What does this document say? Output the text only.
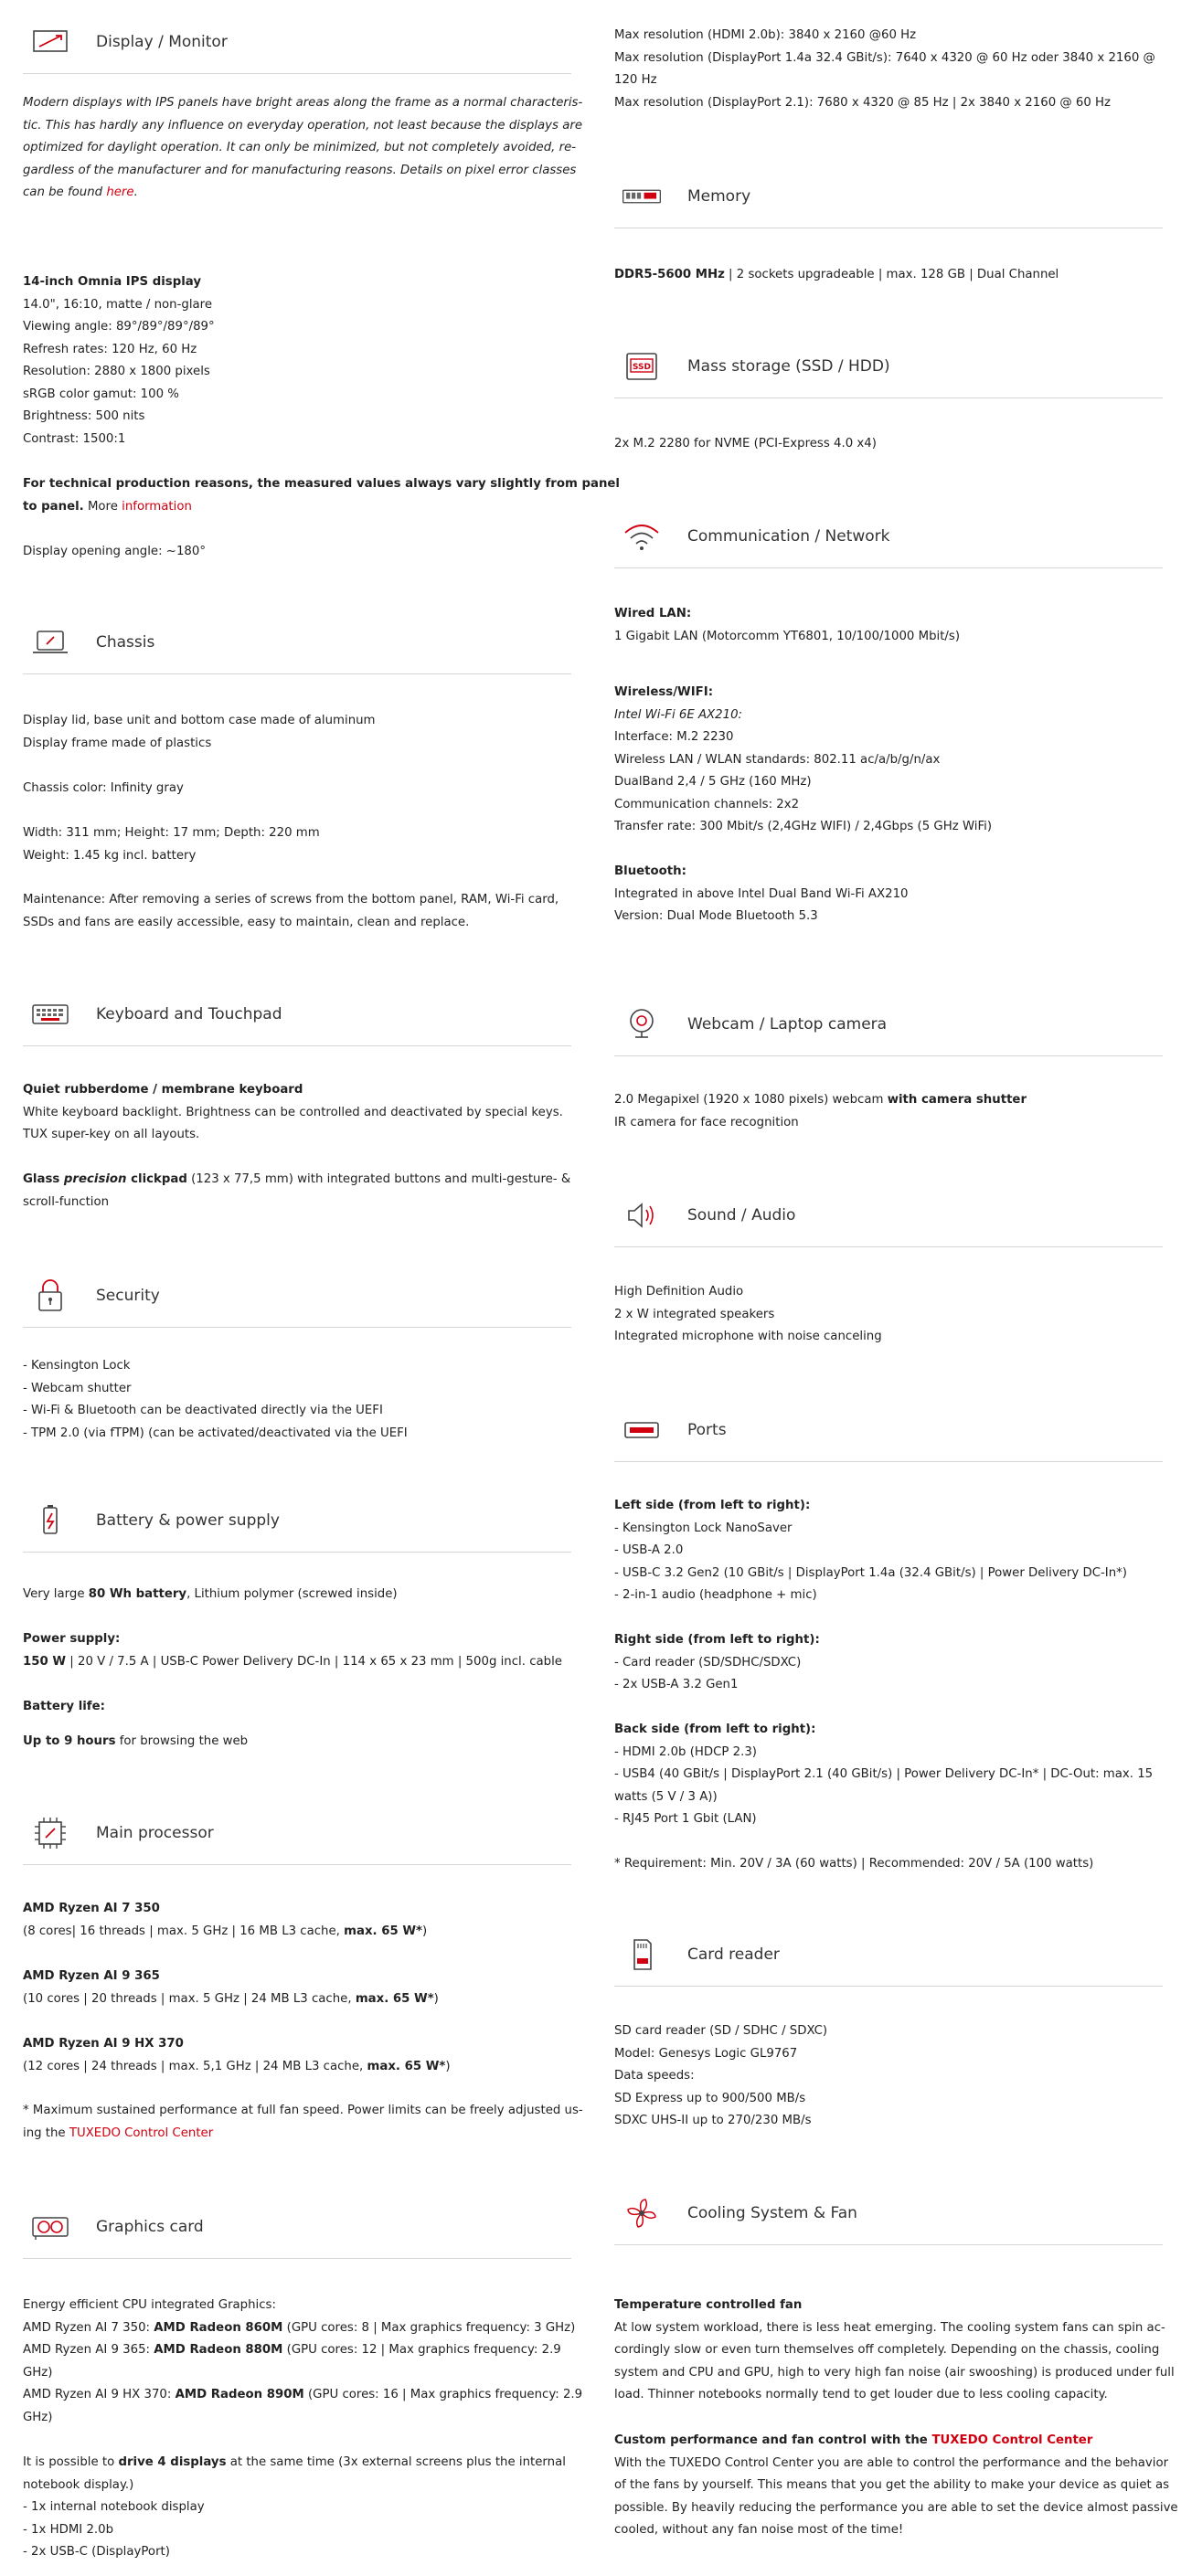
Display / Monitor

Modern displays with IPS panels have bright areas along the frame as a normal characteris-

tic. This has hardly any influence on everyday operation, not least because the displays are

optimized for daylight operation. It can only be minimized, but not completely avoided, re-

gardless of the manufacturer and for manufacturing reasons. Details on pixel error classes

can be found here.

14-inch Omnia IPS display

14.0", 16:10, matte / non-glare

Viewing angle: 89°/89°/89°/89°

Refresh rates: 120 Hz, 60 Hz

Resolution: 2880 x 1800 pixels

sRGB color gamut: 100 %

Brightness: 500 nits

Contrast: 1500:1

For technical production reasons, the measured values always vary slightly from panel

to panel. More information

Display opening angle: ~180°

Chassis

Display lid, base unit and bottom case made of aluminum

Display frame made of plastics

Chassis color: Infinity gray

Width: 311 mm; Height: 17 mm; Depth: 220 mm

Weight: 1.45 kg incl. battery

Maintenance: After removing a series of screws from the bottom panel, RAM, Wi-Fi card,

SSDs and fans are easily accessible, easy to maintain, clean and replace.

Keyboard and Touchpad

Quiet rubberdome / membrane keyboard

White keyboard backlight. Brightness can be controlled and deactivated by special keys.

TUX super-key on all layouts.

Glass precision clickpad (123 x 77,5 mm) with integrated buttons and multi-gesture- &

scroll-function

Security

- Kensington Lock

- Webcam shutter

- Wi-Fi & Bluetooth can be deactivated directly via the UEFI

- TPM 2.0 (via fTPM) (can be activated/deactivated via the UEFI

Battery & power supply

Very large 80 Wh battery, Lithium polymer (screwed inside)

Power supply:

150 W | 20 V / 7.5 A | USB-C Power Delivery DC-In | 114 x 65 x 23 mm | 500g incl. cable

Battery life:

Up to 9 hours for browsing the web

Main processor

AMD Ryzen AI 7 350

(8 cores| 16 threads | max. 5 GHz | 16 MB L3 cache, max. 65 W*)

AMD Ryzen AI 9 365

(10 cores | 20 threads | max. 5 GHz | 24 MB L3 cache, max. 65 W*)

AMD Ryzen AI 9 HX 370

(12 cores | 24 threads | max. 5,1 GHz | 24 MB L3 cache, max. 65 W*)

* Maximum sustained performance at full fan speed. Power limits can be freely adjusted us-

ing the TUXEDO Control Center

Graphics card

Energy efficient CPU integrated Graphics:

AMD Ryzen AI 7 350: AMD Radeon 860M (GPU cores: 8 | Max graphics frequency: 3 GHz)

AMD Ryzen AI 9 365: AMD Radeon 880M (GPU cores: 12 | Max graphics frequency: 2.9

GHz)

AMD Ryzen AI 9 HX 370: AMD Radeon 890M (GPU cores: 16 | Max graphics frequency: 2.9

GHz)

It is possible to drive 4 displays at the same time (3x external screens plus the internal

notebook display.)

- 1x internal notebook display

- 1x HDMI 2.0b

- 2x USB-C (DisplayPort)

Max resolution (HDMI 2.0b): 3840 x 2160 @60 Hz

Max resolution (DisplayPort 1.4a 32.4 GBit/s): 7640 x 4320 @ 60 Hz oder 3840 x 2160 @

120 Hz

Max resolution (DisplayPort 2.1): 7680 x 4320 @ 85 Hz | 2x 3840 x 2160 @ 60 Hz

Memory

DDR5-5600 MHz | 2 sockets upgradeable | max. 128 GB | Dual Channel

SSD Mass storage (SSD / HDD)

2x M.2 2280 for NVME (PCI-Express 4.0 x4)

Communication / Network

Wired LAN:

1 Gigabit LAN (Motorcomm YT6801, 10/100/1000 Mbit/s)

Wireless/WIFI:

Intel Wi-Fi 6E AX210:

Interface: M.2 2230

Wireless LAN / WLAN standards: 802.11 ac/a/b/g/n/ax

DualBand 2,4 / 5 GHz (160 MHz)

Communication channels: 2x2

Transfer rate: 300 Mbit/s (2,4GHz WIFI) / 2,4Gbps (5 GHz WiFi)

Bluetooth:

Integrated in above Intel Dual Band Wi-Fi AX210

Version: Dual Mode Bluetooth 5.3

Webcam / Laptop camera

2.0 Megapixel (1920 x 1080 pixels) webcam with camera shutter

IR camera for face recognition

Sound / Audio

High Definition Audio

2 x W integrated speakers

Integrated microphone with noise canceling

Ports

Left side (from left to right):

- Kensington Lock NanoSaver

- USB-A 2.0

- USB-C 3.2 Gen2 (10 GBit/s | DisplayPort 1.4a (32.4 GBit/s) | Power Delivery DC-In*)

- 2-in-1 audio (headphone + mic)

Right side (from left to right):

- Card reader (SD/SDHC/SDXC)

- 2x USB-A 3.2 Gen1

Back side (from left to right):

- HDMI 2.0b (HDCP 2.3)

- USB4 (40 GBit/s | DisplayPort 2.1 (40 GBit/s) | Power Delivery DC-In* | DC-Out: max. 15

watts (5 V / 3 A))

- RJ45 Port 1 Gbit (LAN)

* Requirement: Min. 20V / 3A (60 watts) | Recommended: 20V / 5A (100 watts)

Card reader

SD card reader (SD / SDHC / SDXC)

Model: Genesys Logic GL9767

Data speeds:

SD Express up to 900/500 MB/s

SDXC UHS-II up to 270/230 MB/s

Cooling System & Fan

Temperature controlled fan

At low system workload, there is less heat emerging. The cooling system fans can spin ac-

cordingly slow or even turn themselves off completely. Depending on the chassis, cooling

system and CPU and GPU, high to very high fan noise (air swooshing) is produced under full

load. Thinner notebooks normally tend to get louder due to less cooling capacity.

Custom performance and fan control with the TUXEDO Control Center

With the TUXEDO Control Center you are able to control the performance and the behavior

of the fans by yourself. This means that you get the ability to make your device as quiet as

possible. By heavily reducing the performance you are able to set the device almost passive

cooled, without any fan noise most of the time!
